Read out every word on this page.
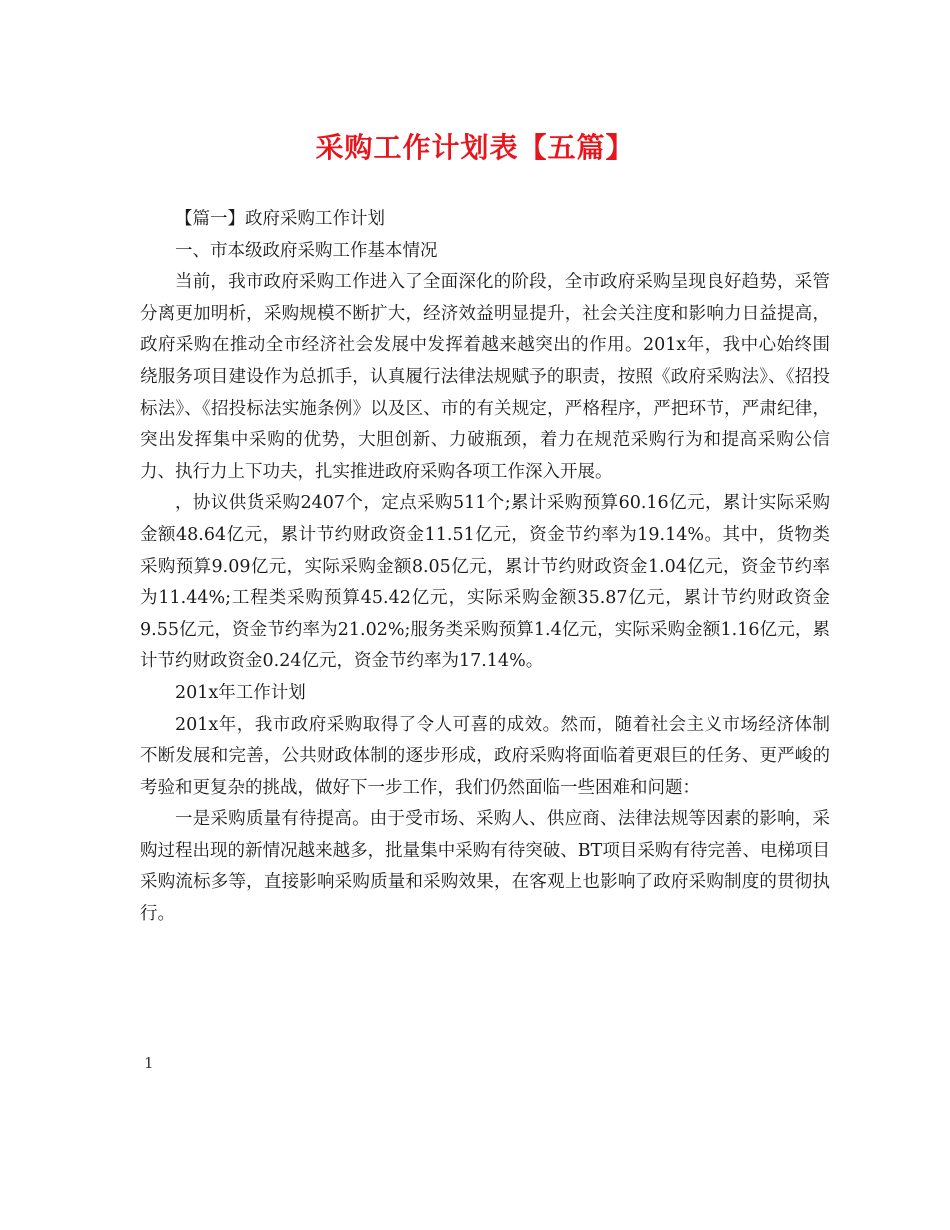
采购工作计划表【五篇】

【篇一】政府采购工作计划

一、市本级政府采购工作基本情况

当前，我市政府采购工作进入了全面深化的阶段，全市政府采购呈现良好趋势，采管分离更加明析，采购规模不断扩大，经济效益明显提升，社会关注度和影响力日益提高，政府采购在推动全市经济社会发展中发挥着越来越突出的作用。201x年，我中心始终围绕服务项目建设作为总抓手，认真履行法律法规赋予的职责，按照《政府采购法》、《招投标法》、《招投标法实施条例》以及区、市的有关规定，严格程序，严把环节，严肃纪律，突出发挥集中采购的优势，大胆创新、力破瓶颈，着力在规范采购行为和提高采购公信力、执行力上下功夫，扎实推进政府采购各项工作深入开展。

，协议供货采购2407个，定点采购511个;累计采购预算60.16亿元，累计实际采购金额48.64亿元，累计节约财政资金11.51亿元，资金节约率为19.14%。其中，货物类采购预算9.09亿元，实际采购金额8.05亿元，累计节约财政资金1.04亿元，资金节约率为11.44%;工程类采购预算45.42亿元，实际采购金额35.87亿元，累计节约财政资金9.55亿元，资金节约率为21.02%;服务类采购预算1.4亿元，实际采购金额1.16亿元，累计节约财政资金0.24亿元，资金节约率为17.14%。

201x年工作计划

201x年，我市政府采购取得了令人可喜的成效。然而，随着社会主义市场经济体制不断发展和完善，公共财政体制的逐步形成，政府采购将面临着更艰巨的任务、更严峻的考验和更复杂的挑战，做好下一步工作，我们仍然面临一些困难和问题：

一是采购质量有待提高。由于受市场、采购人、供应商、法律法规等因素的影响，采购过程出现的新情况越来越多，批量集中采购有待突破、BT项目采购有待完善、电梯项目采购流标多等，直接影响采购质量和采购效果，在客观上也影响了政府采购制度的贯彻执行。

1
